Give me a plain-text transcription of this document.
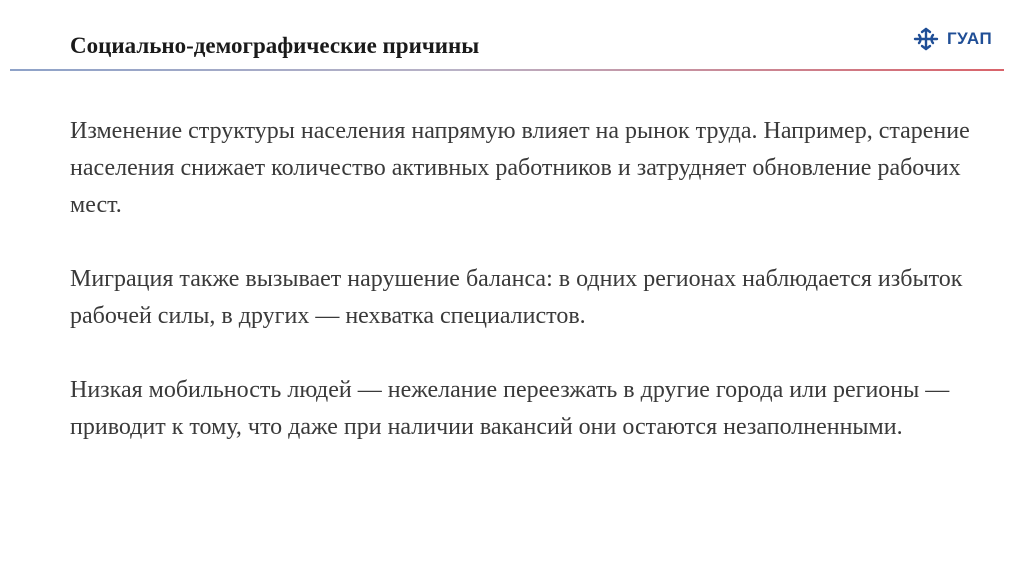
Социально-демографические причины	ГУАП

Изменение структуры населения напрямую влияет на рынок труда. Например, старение населения снижает количество активных работников и затрудняет обновление рабочих мест.

Миграция также вызывает нарушение баланса: в одних регионах наблюдается избыток рабочей силы, в других — нехватка специалистов.

Низкая мобильность людей — нежелание переезжать в другие города или регионы — приводит к тому, что даже при наличии вакансий они остаются незаполненными.
